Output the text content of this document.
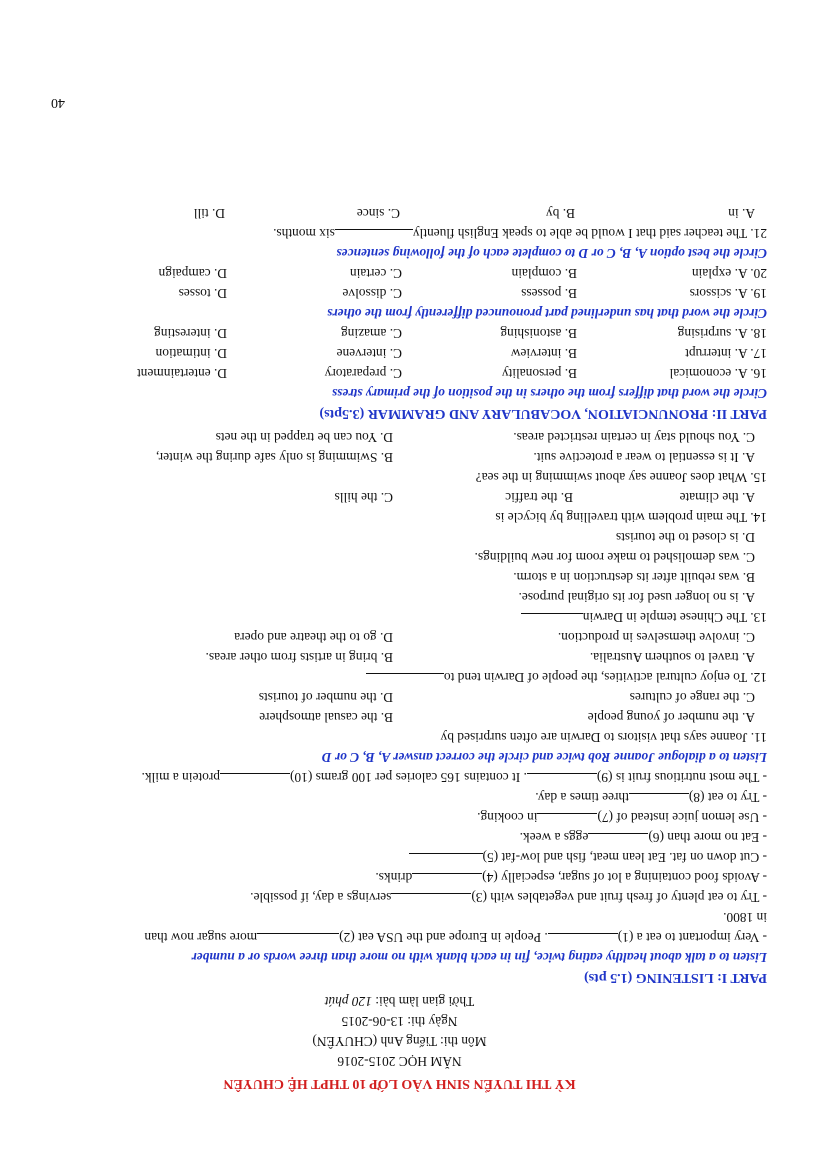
KỲ THI TUYỂN SINH VÀO LỚP 10 THPT HỆ CHUYÊN
NĂM HỌC 2015-2016
Môn thi: Tiếng Anh (CHUYÊN)
Ngày thi: 13-06-2015
Thời gian làm bài: 120 phút
PART I: LISTENING (1.5 pts)
Listen to a talk about healthy eating twice, fin in each blank with no more than three words or a number
- Very important to eat a (1). People in Europe and the USA eat (2)more sugar now than
in 1800.
- Try to eat plenty of fresh fruit and vegetables with (3)servings a day, if possible.
- Avoids food containing a lot of sugar, especially (4)drinks.
- Cut down on fat. Eat lean meat, fish and low-fat (5)
- Eat no more than (6)eggs a week.
- Use lemon juice instead of (7)in cooking.
- Try to eat (8)three times a day.
- The most nutritious fruit is (9). It contains 165 calories per 100 grams (10)protein a milk.
Listen to a dialogue Joanne Rob twice and circle the correct answer A, B, C or D
11. Joanne says that visitors to Darwin are often surprised by
A. the number of young people
B. the casual atmosphere
C. the range of cultures
D. the number of tourists
12. To enjoy cultural activities, the people of Darwin tend to
A. travel to southern Australia.
B. bring in artists from other areas.
C. involve themselves in production.
D. go to the theatre and opera
13. The Chinese temple in Darwin
A. is no longer used for its original purpose.
B. was rebuilt after its destruction in a storm.
C. was demolished to make room for new buildings.
D. is closed to the tourists
14. The main problem with travelling by bicycle is
A. the climate
B. the traffic
C. the hills
15. What does Joanne say about swimming in the sea?
A. It is essential to wear a protective suit.
B. Swimming is only safe during the winter,
C. You should stay in certain restricted areas.
D. You can be trapped in the nets
PART II: PRONUNCIATION, VOCABULARY AND GRAMMAR (3.5pts)
Circle the word that differs from the others in the position of the primary stress
16. A. economical
B. personality
C. preparatory
D. entertainment
17. A. interrupt
B. interview
C. intervene
D. intimation
18. A. surprising
B. astonishing
C. amazing
D. interesting
Circle the word that has underlined part pronounced differently from the others
19. A. scissors
B. possess
C. dissolve
D. tosses
20. A. explain
B. complain
C. certain
D. campaign
Circle the best option A, B, C or D to complete each of the following sentences
21. The teacher said that I would be able to speak English fluentlysix months.
A. in
B. by
C. since
D. till
40
